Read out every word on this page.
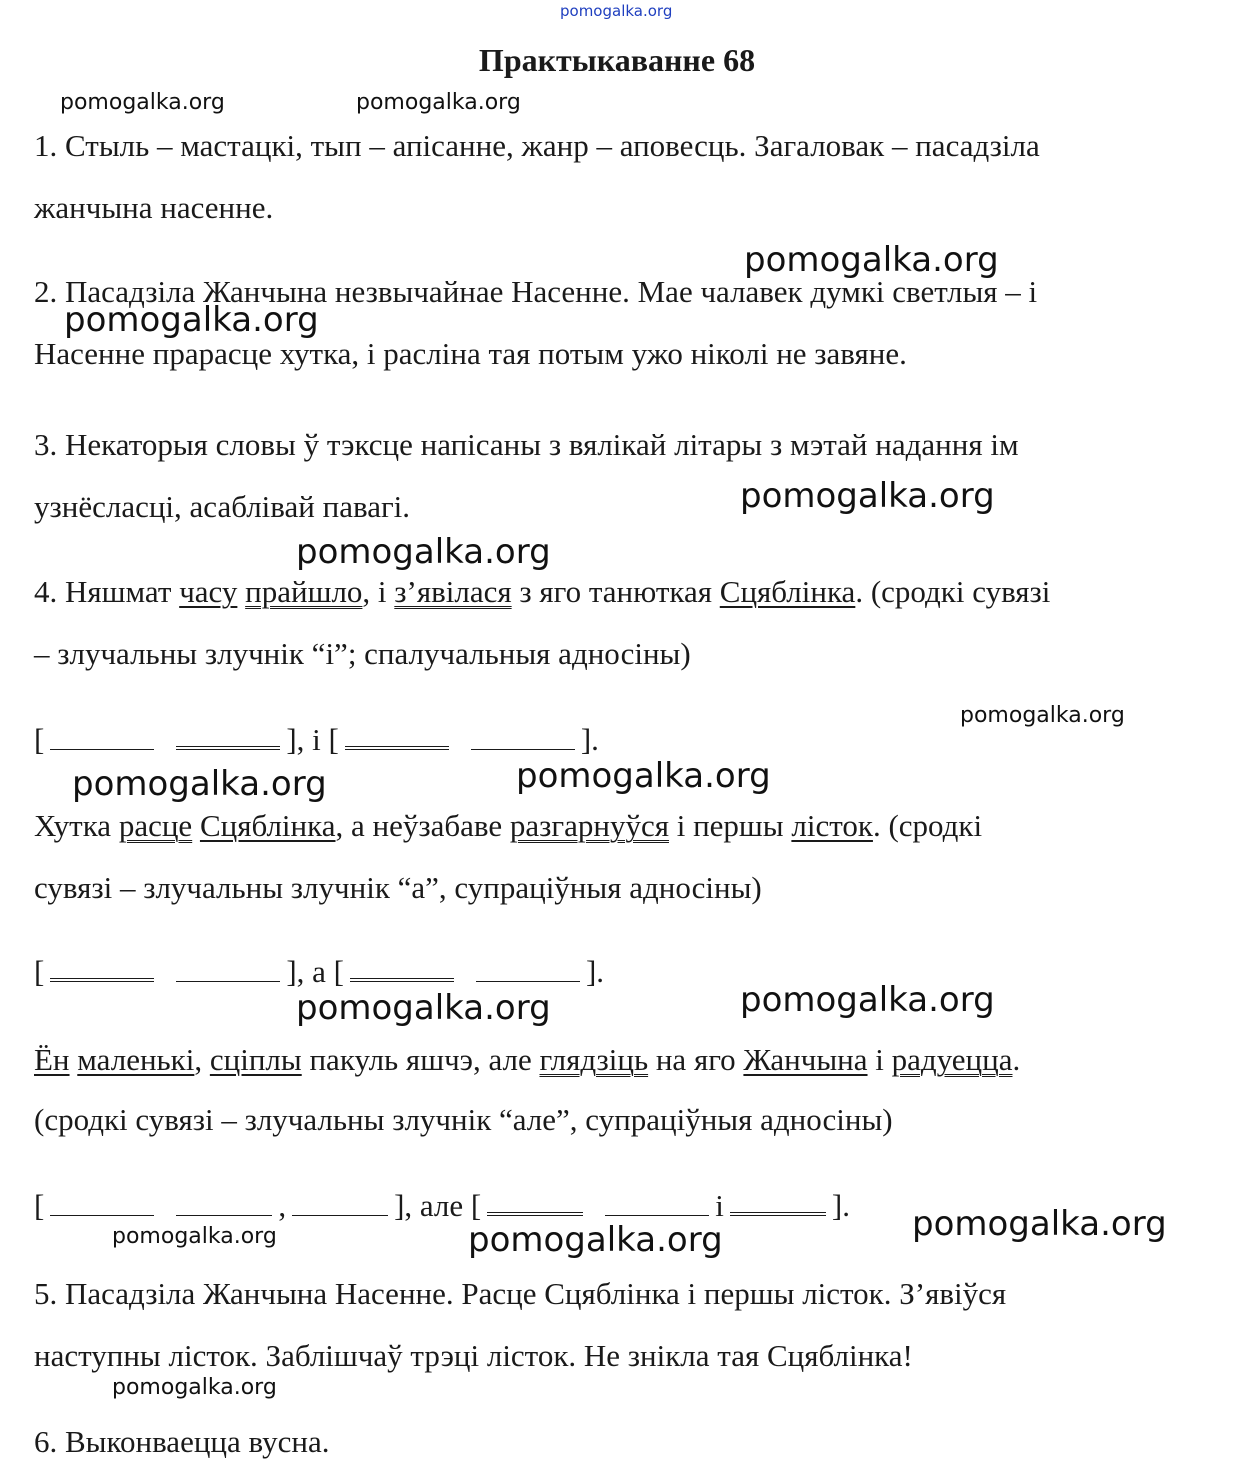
pomogalka.org
pomogalka.org	pomogalka.org
Практыкаванне 68
1. Стыль – мастацкі, тып – апісанне, жанр – аповесць. Загаловак – пасадзіла
жанчына насенне.
2. Пасадзіла Жанчына незвычайнае Насенне. Мае чалавек думкі светлыя – і
Насенне прарасце хутка, і расліна тая потым ужо ніколі не завяне.
pomogalka.org
pomogalka.org
3. Некаторыя словы ў тэксце напісаны з вялікай літары з мэтай надання ім
узнёсласці, асаблівай павагі.	pomogalka.org
pomogalka.org
4. Няшмат часу прайшло, і з’явілася з яго танюткая Сцяблінка. (сродкі сувязі
– злучальны злучнік “і”; спалучальныя адносіны)
pomogalka.org
[	], і [	].
pomogalka.org	pomogalka.org
Хутка расце Сцяблінка, а неўзабаве разгарнуўся і першы лісток. (сродкі
сувязі – злучальны злучнік “а”, супраціўныя адносіны)
[	], а [	].
pomogalka.org
pomogalka.org
Ён маленькі, сціплы пакуль яшчэ, але глядзіць на яго Жанчына і радуецца.
(сродкі сувязі – злучальны злучнік “але”, супраціўныя адносіны)
[	,	], але [	і	]. pomogalka.org
pomogalka.org	pomogalka.org
5. Пасадзіла Жанчына Насенне. Расце Сцяблінка і першы лісток. З’явіўся
наступны лісток. Заблішчаў трэці лісток. Не знікла тая Сцяблінка!
pomogalka.org
6. Выконваецца вусна.
